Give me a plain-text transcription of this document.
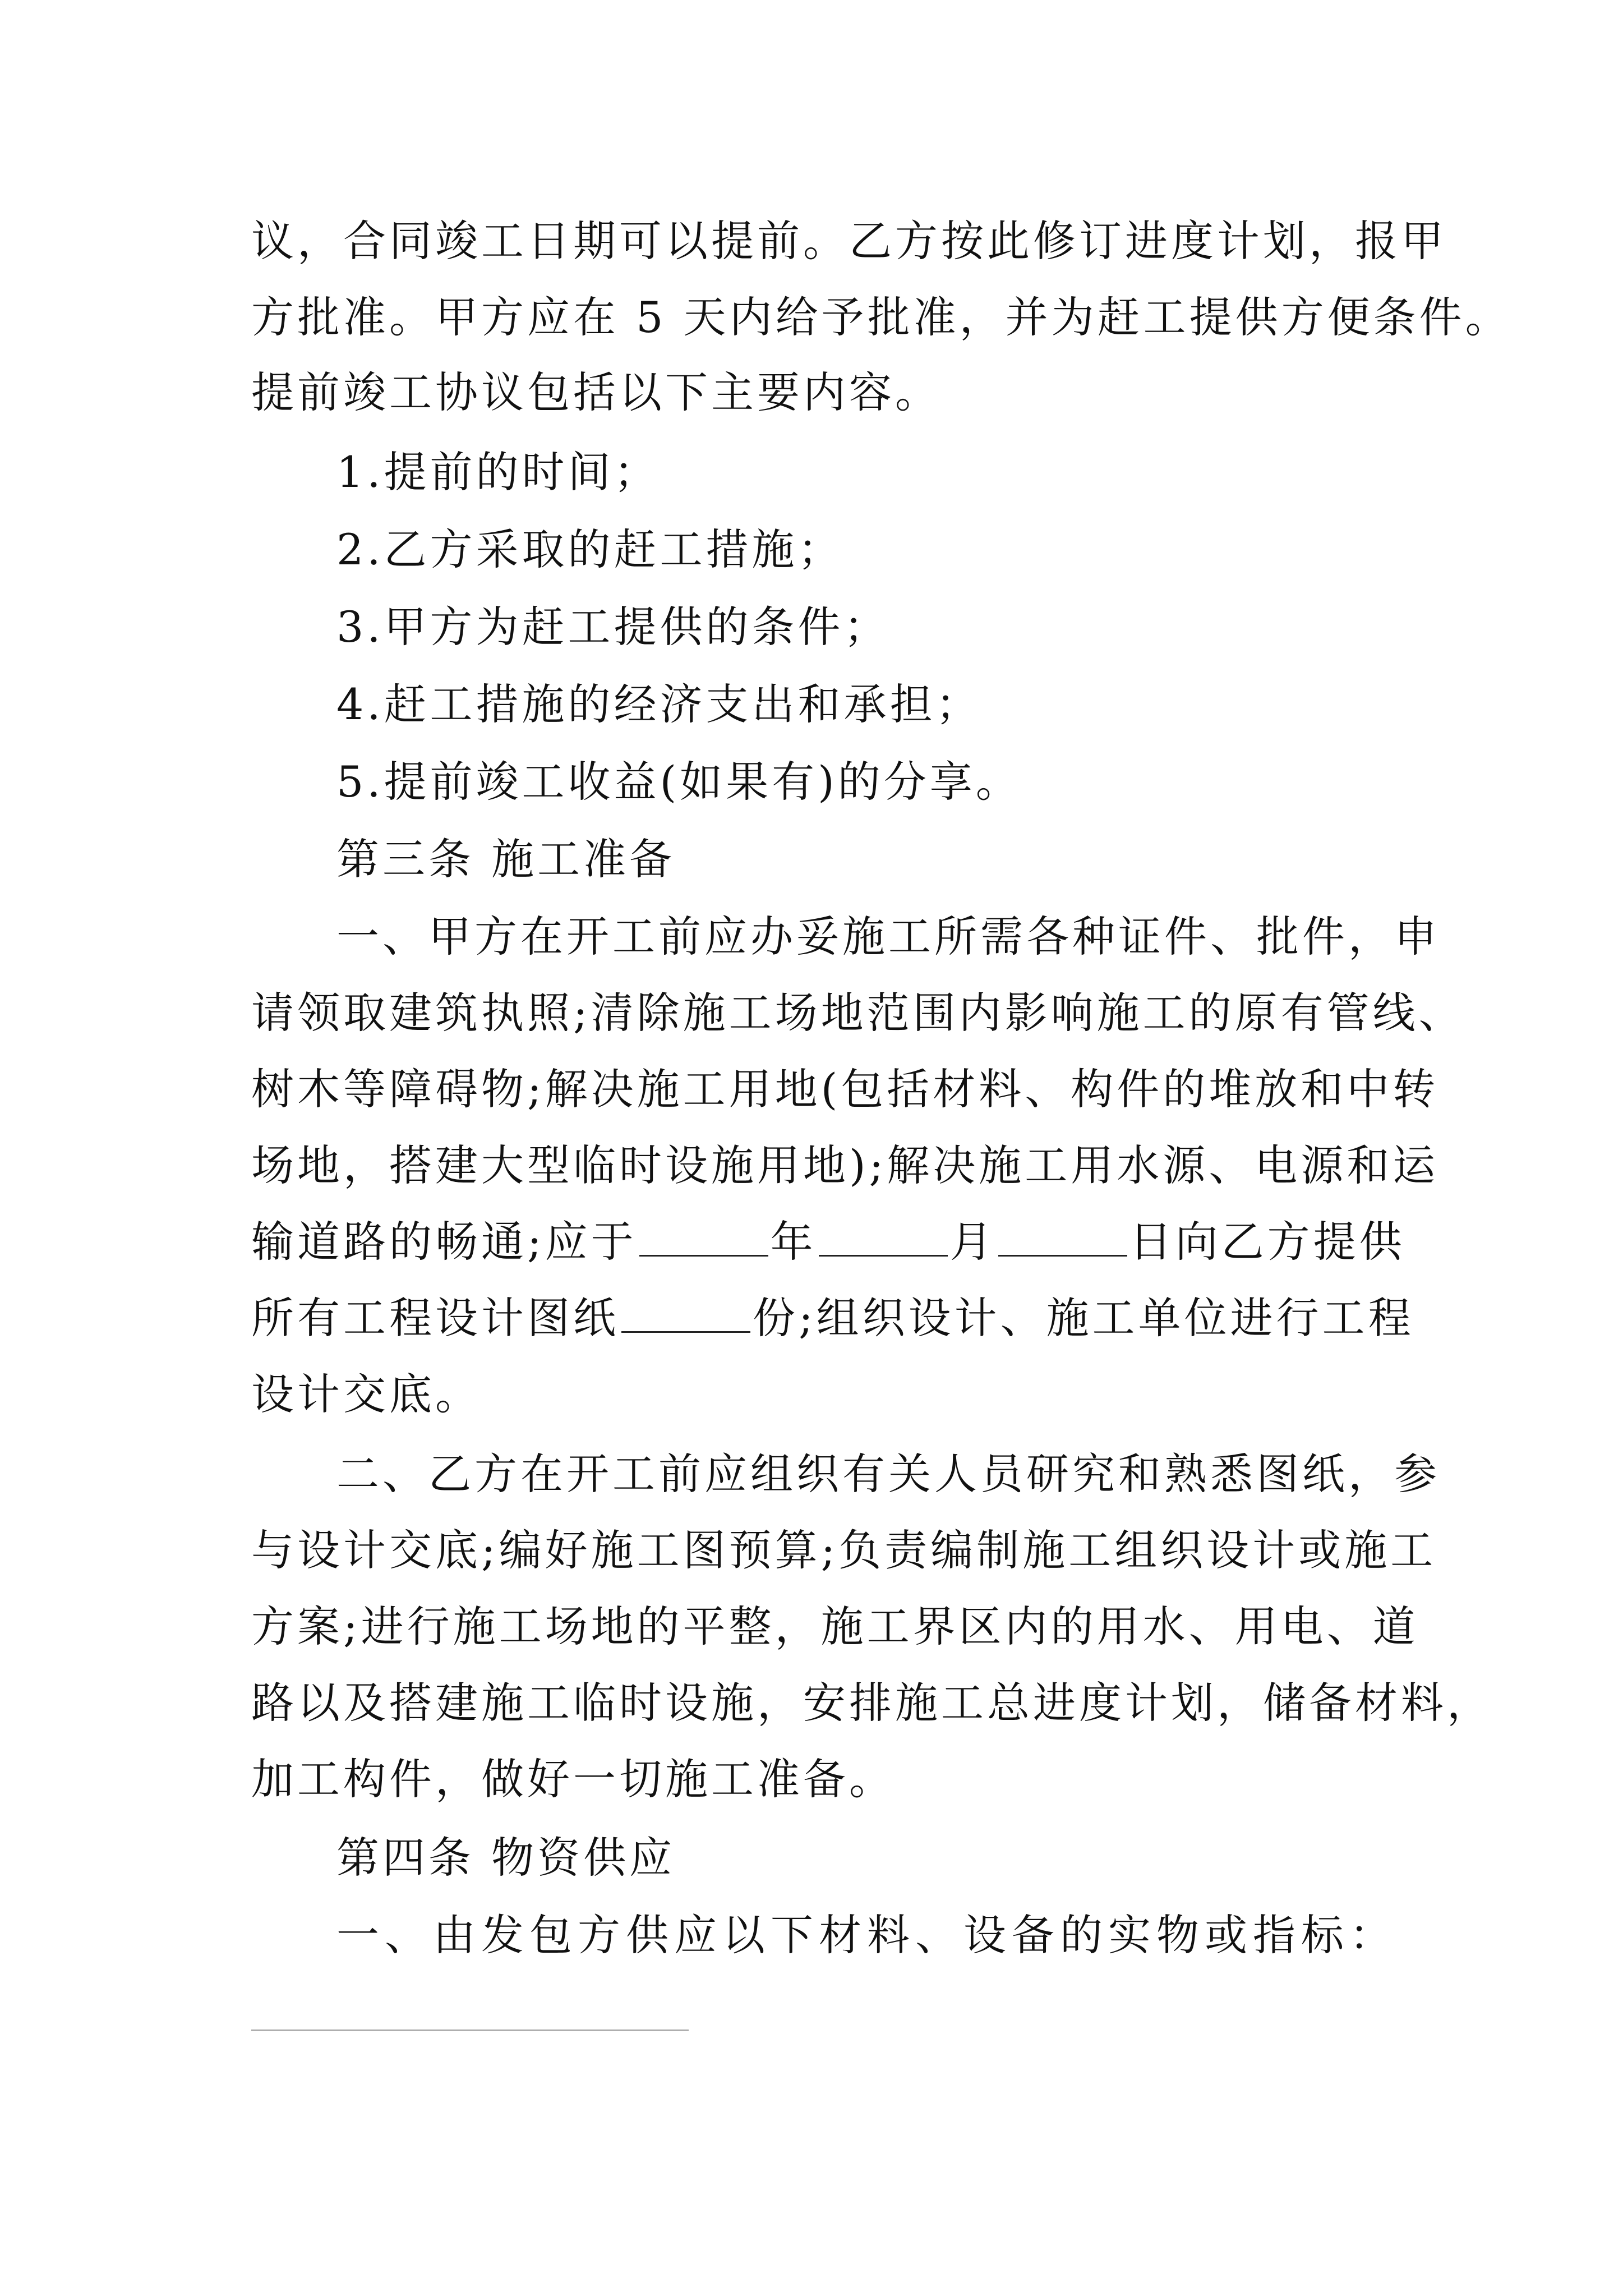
议，合同竣工日期可以提前。乙方按此修订进度计划，报甲
方批准。甲方应在 5 天内给予批准，并为赶工提供方便条件。
提前竣工协议包括以下主要内容。
1.提前的时间；
2.乙方采取的赶工措施；
3.甲方为赶工提供的条件；
4.赶工措施的经济支出和承担；
5.提前竣工收益(如果有)的分享。
第三条 施工准备
一、甲方在开工前应办妥施工所需各种证件、批件，申
请领取建筑执照;清除施工场地范围内影响施工的原有管线、
树木等障碍物;解决施工用地(包括材料、构件的堆放和中转
场地，搭建大型临时设施用地);解决施工用水源、电源和运
输道路的畅通;应于	年	月	日向乙方提供
所有工程设计图纸	份;组织设计、施工单位进行工程
设计交底。
二、乙方在开工前应组织有关人员研究和熟悉图纸，参
与设计交底;编好施工图预算;负责编制施工组织设计或施工
方案;进行施工场地的平整，施工界区内的用水、用电、道
路以及搭建施工临时设施，安排施工总进度计划，储备材料，
加工构件，做好一切施工准备。
第四条 物资供应
一、由发包方供应以下材料、设备的实物或指标：
